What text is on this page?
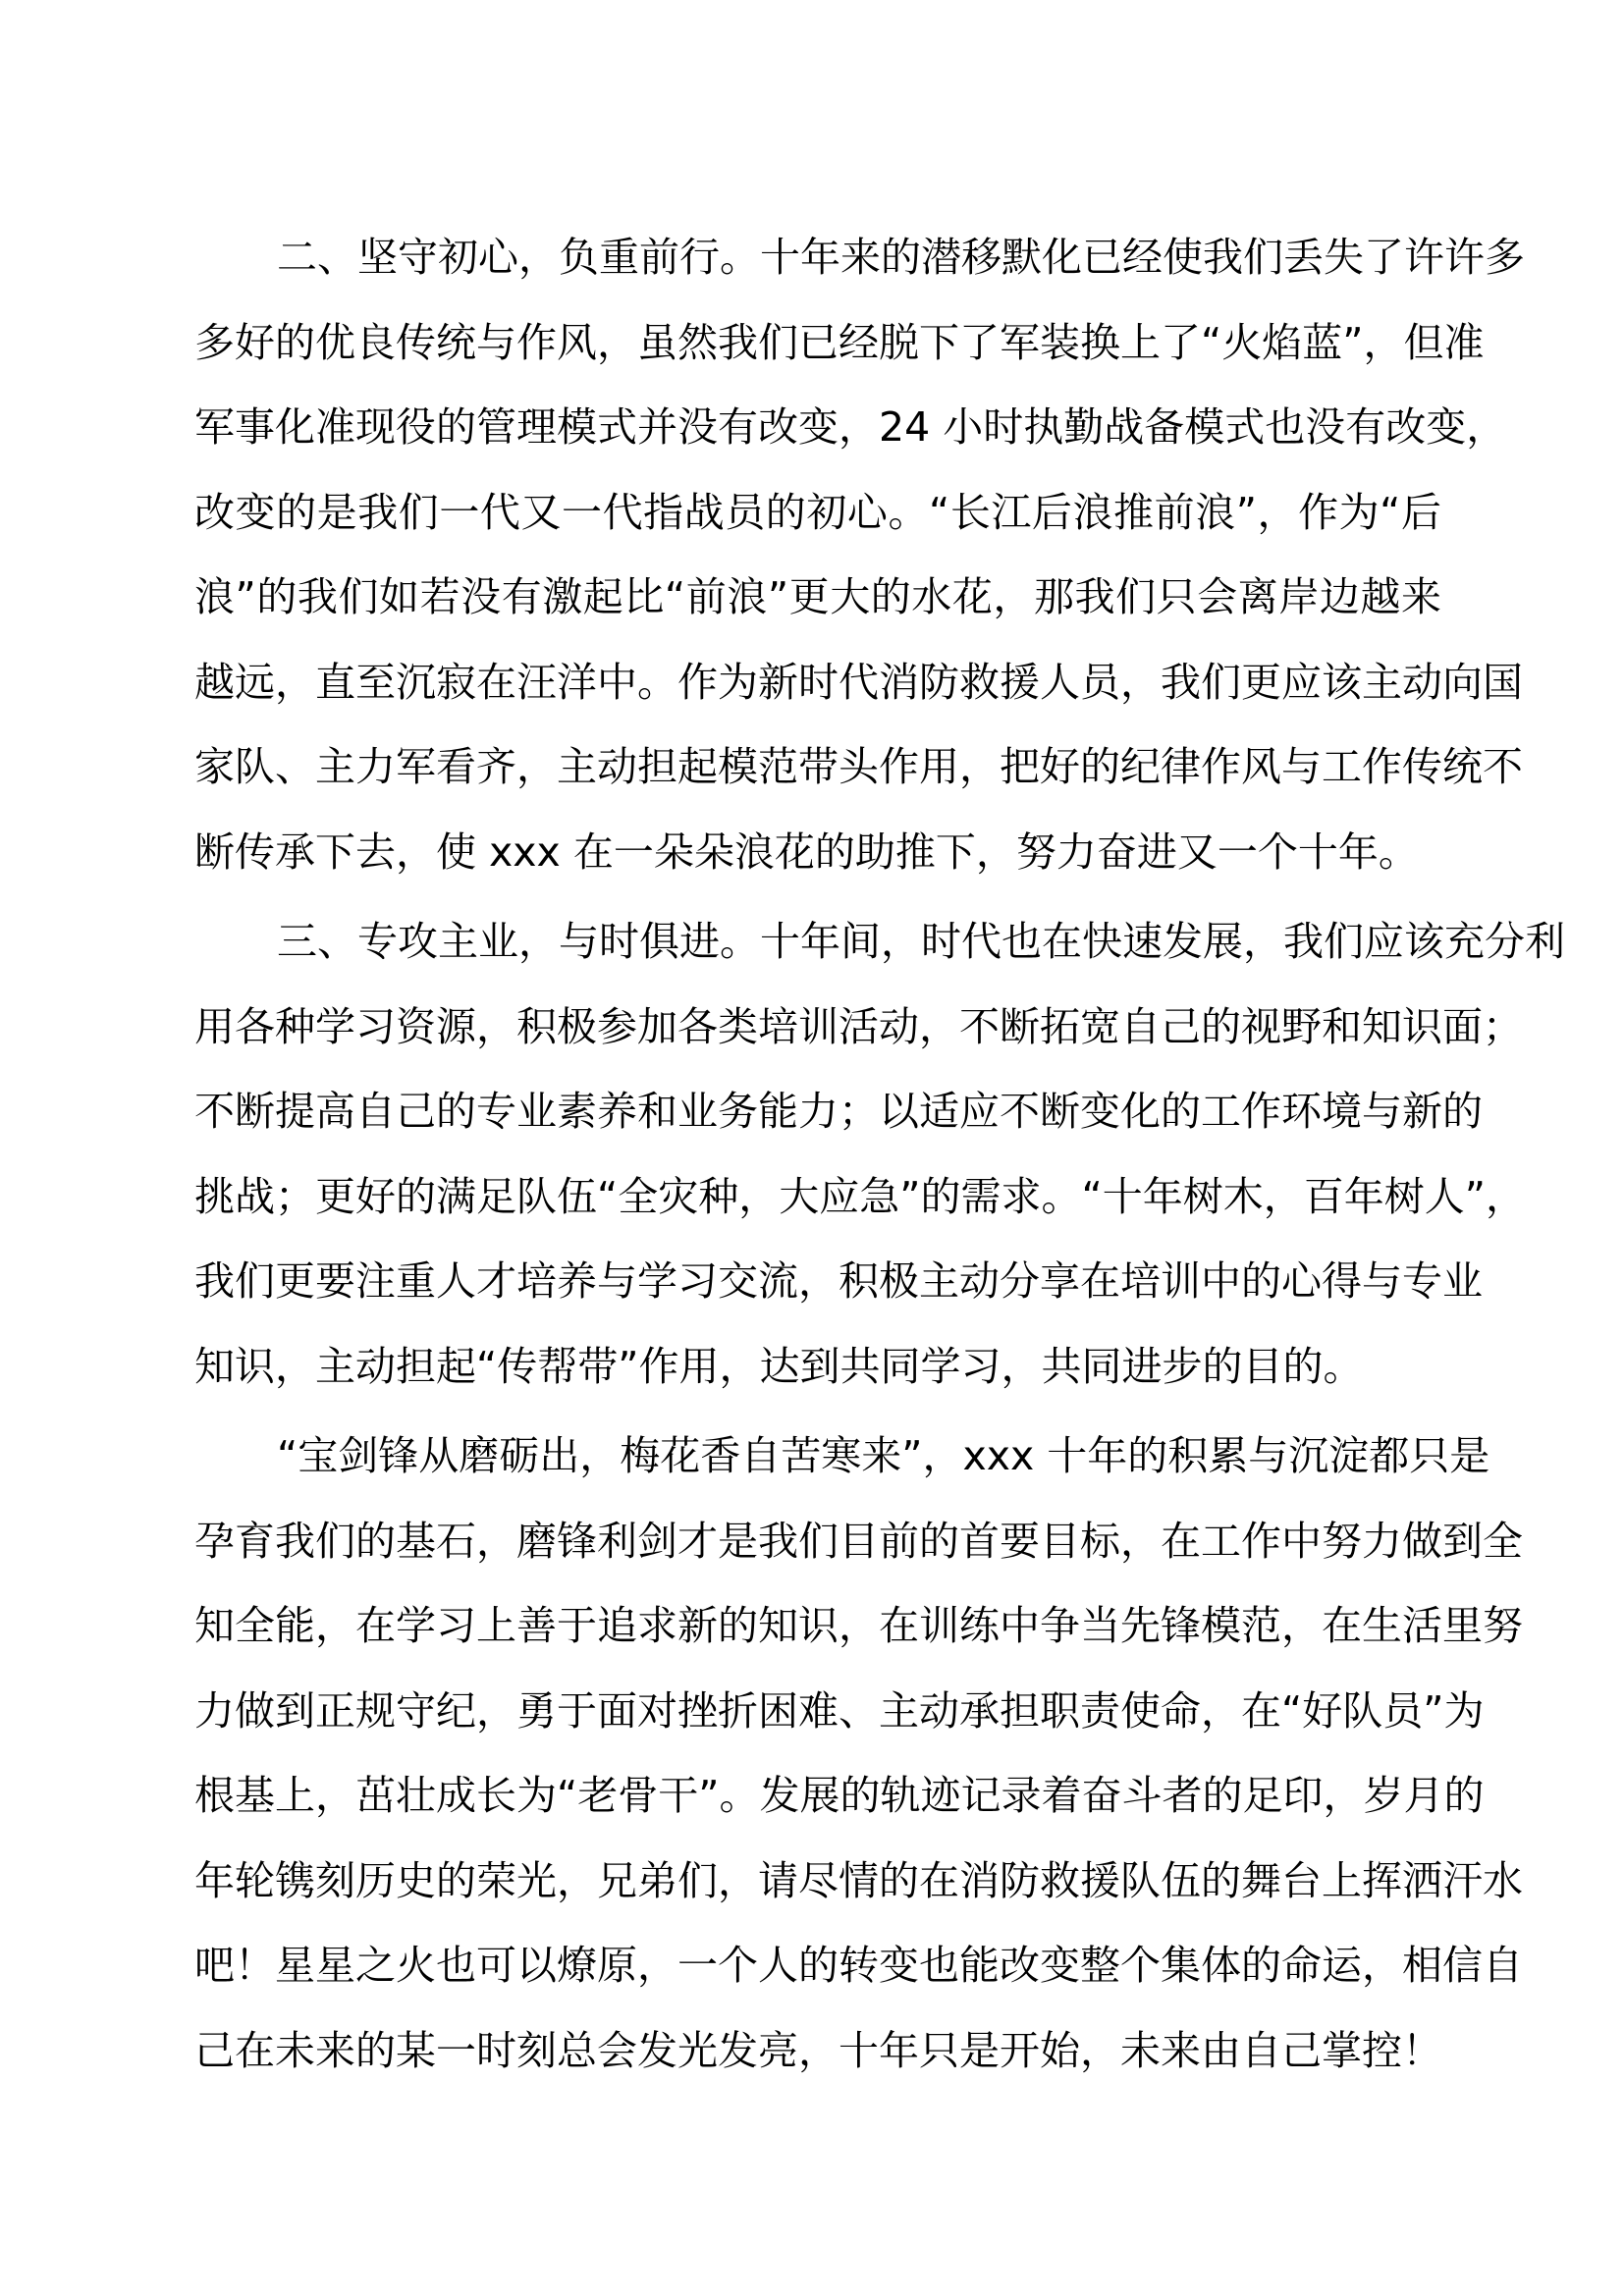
二、坚守初心，负重前行。十年来的潜移默化已经使我们丢失了许许多
多好的优良传统与作风，虽然我们已经脱下了军装换上了“火焰蓝”，但准
军事化准现役的管理模式并没有改变，24 小时执勤战备模式也没有改变，
改变的是我们一代又一代指战员的初心。“长江后浪推前浪”，作为“后
浪”的我们如若没有激起比“前浪”更大的水花，那我们只会离岸边越来
越远，直至沉寂在汪洋中。作为新时代消防救援人员，我们更应该主动向国
家队、主力军看齐，主动担起模范带头作用，把好的纪律作风与工作传统不
断传承下去，使 xxx 在一朵朵浪花的助推下，努力奋进又一个十年。
三、专攻主业，与时俱进。十年间，时代也在快速发展，我们应该充分利
用各种学习资源，积极参加各类培训活动，不断拓宽自己的视野和知识面；
不断提高自己的专业素养和业务能力；以适应不断变化的工作环境与新的
挑战；更好的满足队伍“全灾种，大应急”的需求。“十年树木，百年树人”，
我们更要注重人才培养与学习交流，积极主动分享在培训中的心得与专业
知识，主动担起“传帮带”作用，达到共同学习，共同进步的目的。
“宝剑锋从磨砺出，梅花香自苦寒来”，xxx 十年的积累与沉淀都只是
孕育我们的基石，磨锋利剑才是我们目前的首要目标，在工作中努力做到全
知全能，在学习上善于追求新的知识，在训练中争当先锋模范，在生活里努
力做到正规守纪，勇于面对挫折困难、主动承担职责使命，在“好队员”为
根基上，茁壮成长为“老骨干”。发展的轨迹记录着奋斗者的足印，岁月的
年轮镌刻历史的荣光，兄弟们，请尽情的在消防救援队伍的舞台上挥洒汗水
吧！星星之火也可以燎原，一个人的转变也能改变整个集体的命运，相信自
己在未来的某一时刻总会发光发亮，十年只是开始，未来由自己掌控！
